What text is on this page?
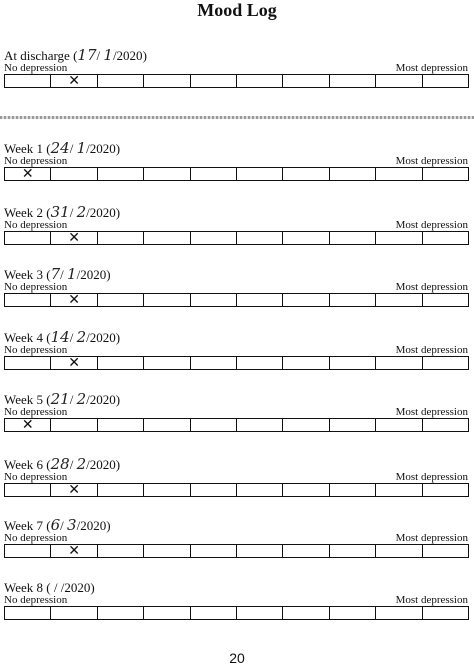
Mood Log
At discharge (17/ 1/2020)
No depression	Most depression
✕
Week 1 (24/ 1/2020)
No depression	Most depression
✕
Week 2 (31/ 2/2020)
No depression	Most depression
✕
Week 3 (7/ 1/2020)
No depression	Most depression
✕
Week 4 (14/ 2/2020)
No depression	Most depression
✕
Week 5 (21/ 2/2020)
No depression	Most depression
✕
Week 6 (28/ 2/2020)
No depression	Most depression
✕
Week 7 (6/ 3/2020)
No depression	Most depression
✕
Week 8 ( / /2020)
No depression	Most depression
20
